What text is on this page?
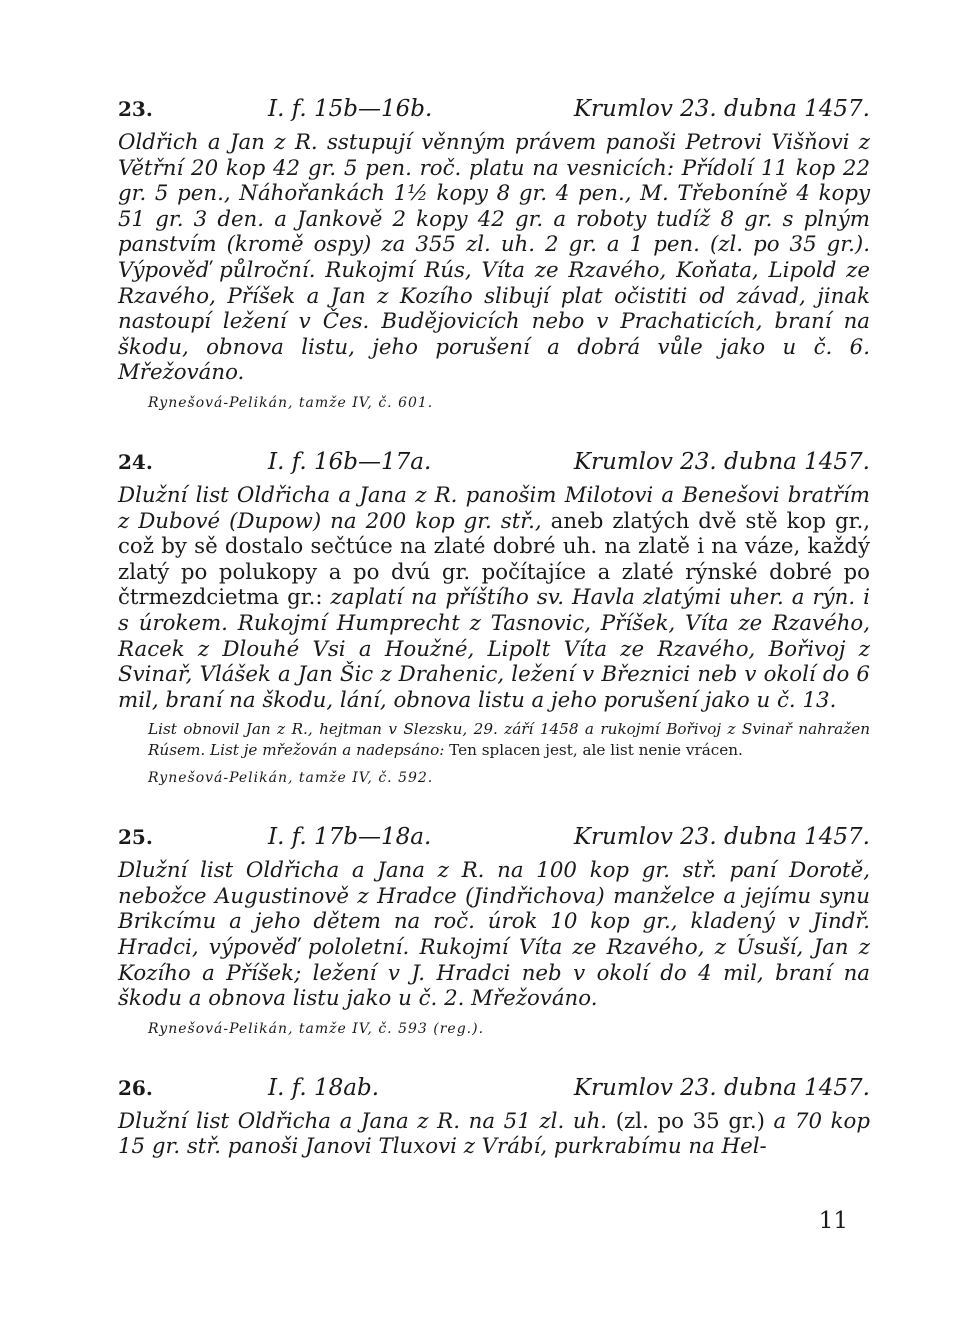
23.	I. f. 15b—16b.	Krumlov 23. dubna 1457.
Oldřich a Jan z R. sstupují věnným právem panoši Petrovi Višňovi z Větřní 20 kop 42 gr. 5 pen. roč. platu na vesnicích: Přídolí 11 kop 22 gr. 5 pen., Náhořankách 1½ kopy 8 gr. 4 pen., M. Třeboníně 4 kopy 51 gr. 3 den. a Jankově 2 kopy 42 gr. a roboty tudíž 8 gr. s plným panstvím (kromě ospy) za 355 zl. uh. 2 gr. a 1 pen. (zl. po 35 gr.). Výpověď půlroční. Rukojmí Rús, Víta ze Rzavého, Koňata, Lipold ze Rzavého, Příšek a Jan z Kozího slibují plat očistiti od závad, jinak nastoupí ležení v Čes. Budějovicích nebo v Prachaticích, braní na škodu, obnova listu, jeho porušení a dobrá vůle jako u č. 6. Mřežováno.
Rynešová-Pelikán, tamže IV, č. 601.
24.	I. f. 16b—17a.	Krumlov 23. dubna 1457.
Dlužní list Oldřicha a Jana z R. panošim Milotovi a Benešovi bratřím z Dubové (Dupow) na 200 kop gr. stř., aneb zlatých dvě stě kop gr., což by sě dostalo sečtúce na zlaté dobré uh. na zlatě i na váze, každý zlatý po polukopy a po dvú gr. počítajíce a zlaté rýnské dobré po čtrmezdcietma gr.: zaplatí na příštího sv. Havla zlatými uher. a rýn. i s úrokem. Rukojmí Humprecht z Tasnovic, Příšek, Víta ze Rzavého, Racek z Dlouhé Vsi a Houžné, Lipolt Víta ze Rzavého, Bořivoj z Svinař, Vlášek a Jan Šic z Drahenic, ležení v Březnici neb v okolí do 6 mil, braní na škodu, lání, obnova listu a jeho porušení jako u č. 13.
List obnovil Jan z R., hejtman v Slezsku, 29. září 1458 a rukojmí Bořivoj z Svinař nahražen Rúsem. List je mřežován a nadepsáno: Ten splacen jest, ale list nenie vrácen.
Rynešová-Pelikán, tamže IV, č. 592.
25.	I. f. 17b—18a.	Krumlov 23. dubna 1457.
Dlužní list Oldřicha a Jana z R. na 100 kop gr. stř. paní Dorotě, nebožce Augustinově z Hradce (Jindřichova) manželce a jejímu synu Brikcímu a jeho dětem na roč. úrok 10 kop gr., kladený v Jindř. Hradci, výpověď pololetní. Rukojmí Víta ze Rzavého, z Úsuší, Jan z Kozího a Příšek; ležení v J. Hradci neb v okolí do 4 mil, braní na škodu a obnova listu jako u č. 2. Mřežováno.
Rynešová-Pelikán, tamže IV, č. 593 (reg.).
26.	I. f. 18ab.	Krumlov 23. dubna 1457.
Dlužní list Oldřicha a Jana z R. na 51 zl. uh. (zl. po 35 gr.) a 70 kop 15 gr. stř. panoši Janovi Tluxovi z Vrábí, purkrabímu na Hel-
11
